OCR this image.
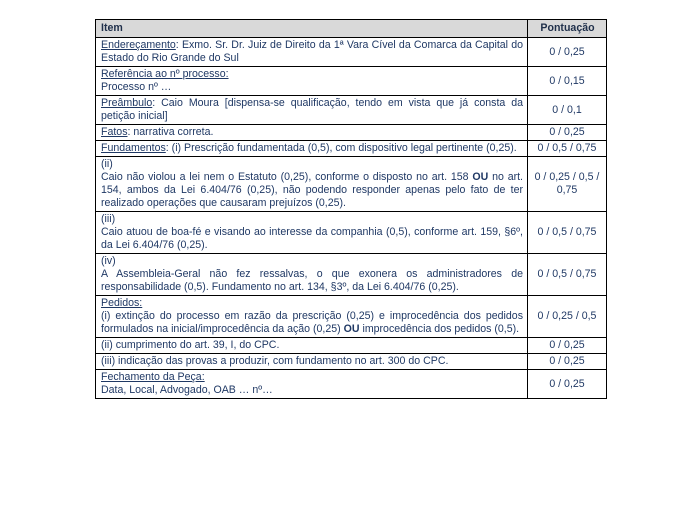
Item	Pontuação
Endereçamento: Exmo. Sr. Dr. Juiz de Direito da 1ª Vara Cível da Comarca da Capital do Estado do Rio Grande do Sul	0 / 0,25

Referência ao nº processo:
Processo nº …	0 / 0,15
Preâmbulo: Caio Moura [dispensa-se qualificação, tendo em vista que já consta da petição inicial]	0 / 0,1
Fatos: narrativa correta.	0 / 0,25
Fundamentos: (i) Prescrição fundamentada (0,5), com dispositivo legal pertinente (0,25).	0 / 0,5 / 0,75

(ii)
Caio não violou a lei nem o Estatuto (0,25), conforme o disposto no art. 158 OU no art. 154, ambos da Lei 6.404/76 (0,25), não podendo responder apenas pelo fato de ter realizado operações que causaram prejuízos (0,25).	0 / 0,25 / 0,5 / 0,75

(iii)
Caio atuou de boa-fé e visando ao interesse da companhia (0,5), conforme art. 159, §6º, da Lei 6.404/76 (0,25).	0 / 0,5 / 0,75

(iv)
A Assembleia-Geral não fez ressalvas, o que exonera os administradores de responsabilidade (0,5). Fundamento no art. 134, §3º, da Lei 6.404/76 (0,25).	0 / 0,5 / 0,75

Pedidos:
(i) extinção do processo em razão da prescrição (0,25) e improcedência dos pedidos formulados na inicial/improcedência da ação (0,25) OU improcedência dos pedidos (0,5).	0 / 0,25 / 0,5
(ii) cumprimento do art. 39, I, do CPC.	0 / 0,25
(iii) indicação das provas a produzir, com fundamento no art. 300 do CPC.	0 / 0,25

Fechamento da Peça:
Data, Local, Advogado, OAB … nº…	0 / 0,25
